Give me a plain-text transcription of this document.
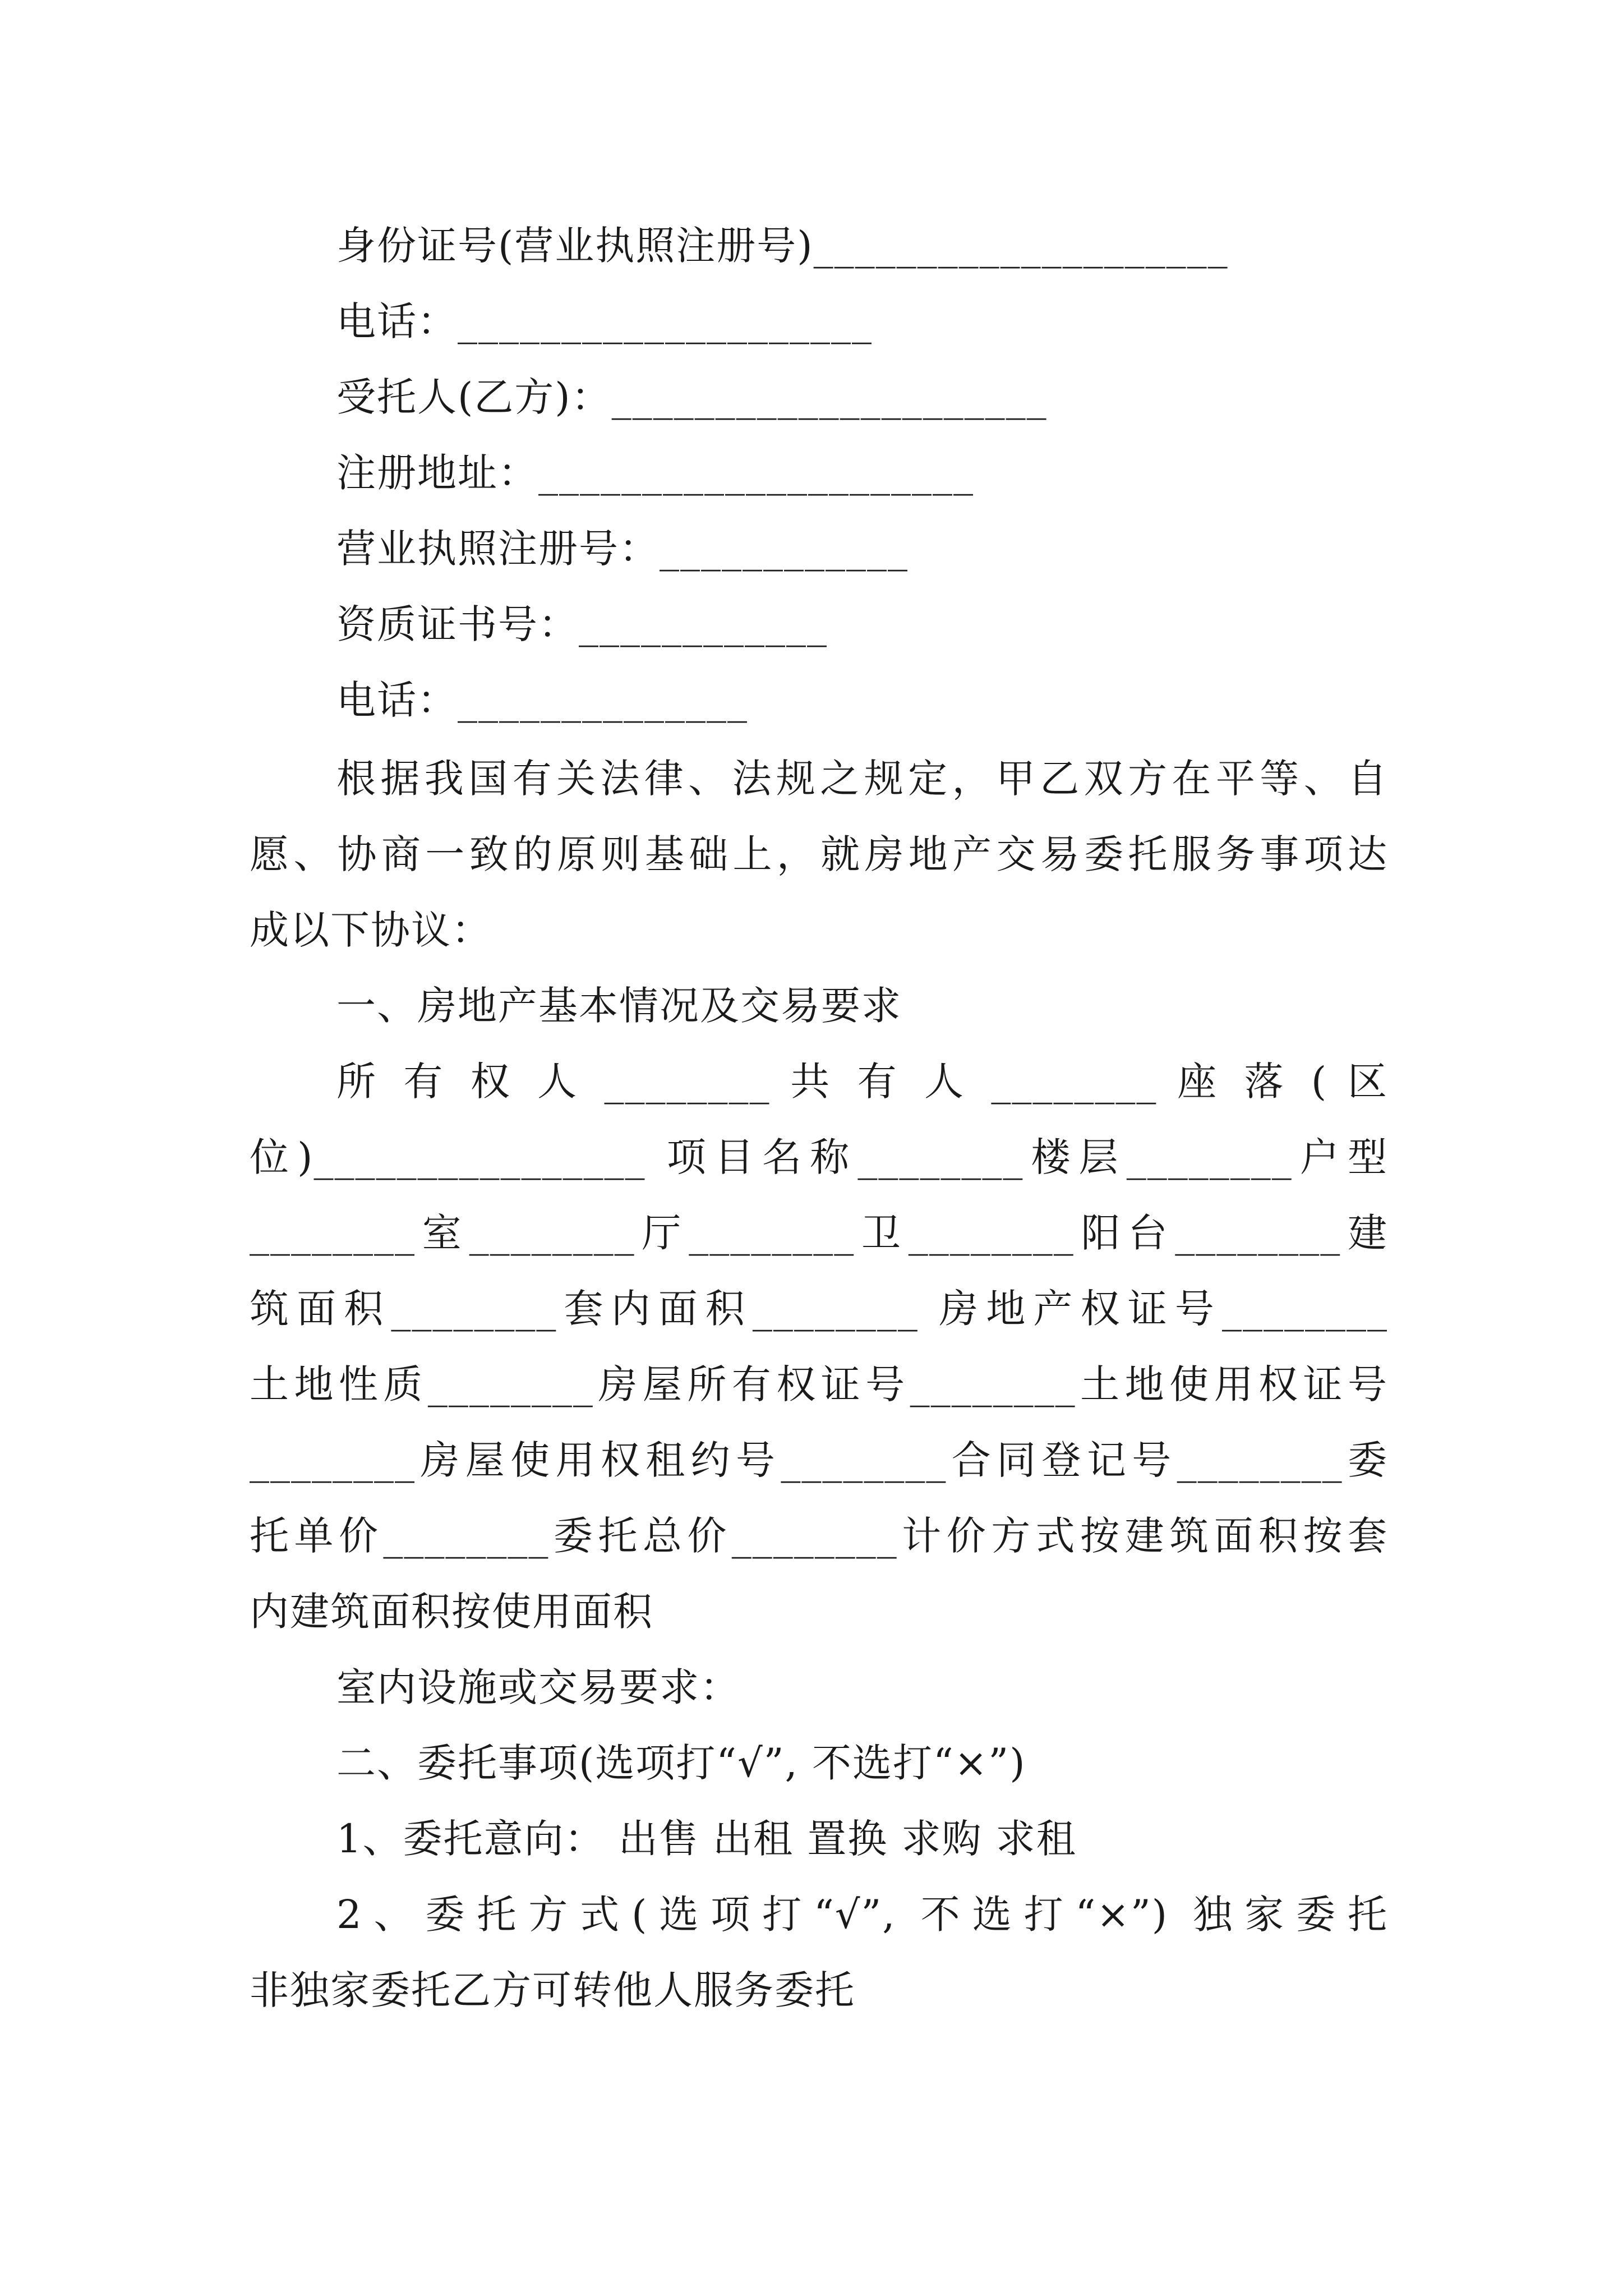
身份证号(营业执照注册号)____________________
电话：____________________
受托人(乙方)：_____________________
注册地址：_____________________
营业执照注册号：____________
资质证书号：____________
电话：______________
根据我国有关法律、法规之规定，甲乙双方在平等、自
愿、协商一致的原则基础上，就房地产交易委托服务事项达
成以下协议：
一、房地产基本情况及交易要求
所 有 权 人 ________ 共 有 人 ________ 座 落 ( 区
位)________________ 项目名称________楼层________户型
________室________厅________卫________阳台________建
筑面积________套内面积________ 房地产权证号________
土地性质________房屋所有权证号________土地使用权证号
________房屋使用权租约号________合同登记号________委
托单价________委托总价________计价方式按建筑面积按套
内建筑面积按使用面积
室内设施或交易要求：
二、委托事项(选项打“√”, 不选打“×”)
1、委托意向： 出售 出租 置换 求购 求租
2、委托方式(选项打“√”, 不选打“×”) 独家委托
非独家委托乙方可转他人服务委托
